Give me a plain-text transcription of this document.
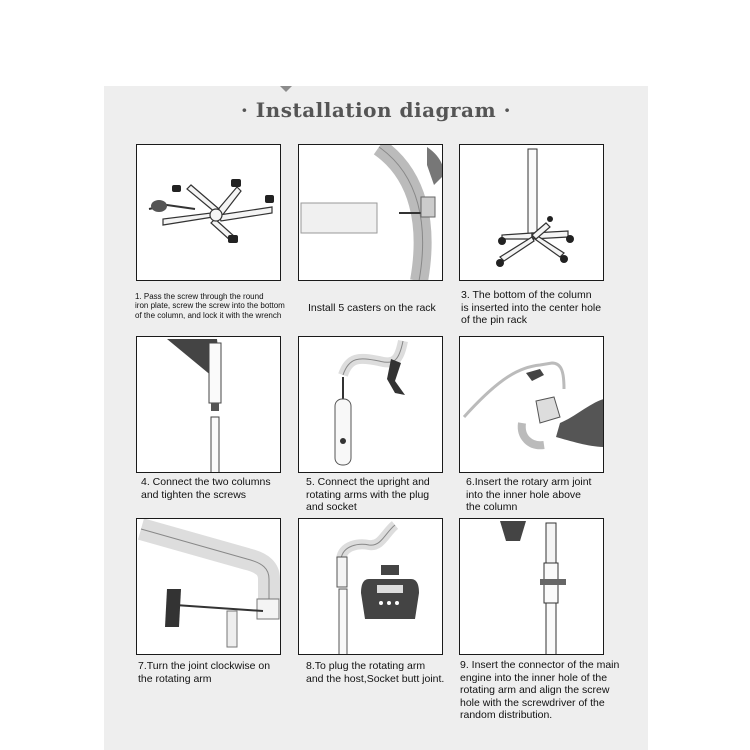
· Installation diagram ·
1. Pass the screw through the round
iron plate, screw the screw into the bottom
of the column, and lock it with the wrench
Install 5 casters on the rack
3. The bottom of the column
is inserted into the center hole
of the pin rack
4. Connect the two columns
and tighten the screws
5. Connect the upright and
rotating arms with the plug
and socket
6.Insert the rotary arm joint
into the inner hole above
the column
7.Turn the joint clockwise on
the rotating arm
8.To plug the rotating arm
and the host,Socket butt joint.
9. Insert the connector of the main
engine into the inner hole of the
rotating arm and align the screw
hole with the screwdriver of the
random distribution.
